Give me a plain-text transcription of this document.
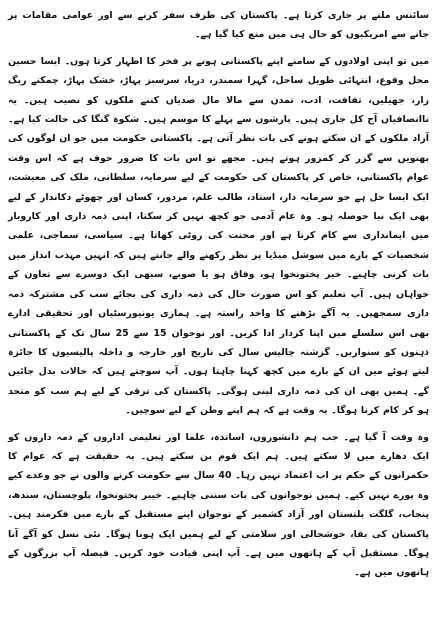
سائنس ملنے پر جاری کرتا ہے۔ پاکستان کی طرف سفر کرنے سے اور عوامی مقامات پر جانے سے امریکیوں کو حال ہی میں منع کیا گیا ہے۔

میں تو اپنی اولادوں کے سامنے اپنے پاکستانی ہونے پر فخر کا اظہار کرتا ہوں۔ ایسا حسین محل وقوع، انتہائی طویل ساحل، گہرا سمندر، دریا، سرسبز پہاڑ، خشک پہاڑ، چمکتے ریگ زار، جھیلیں، ثقافت، ادب، تمدن سے مالا مال صدیاں کتنے ملکوں کو نصیب ہیں۔ یہ ناانصافیاں آج کل جاری ہیں۔ بارشوں سے پہلے کا موسم ہیں۔ شکوہ گنگا کی حالت کیا ہے۔ آزاد ملکوں کے ان سکتے ہونے کی بات نظر آتی ہے۔ پاکستانی حکومت میں جو ان لوگوں کی بھنویں سے گزر کر کمزور ہوتے ہیں۔ مجھے تو اس بات کا ضرور خوف ہے کہ اس وقت عوام پاکستانی، خاص کر پاکستان کی حکومت کے لیے سرمایہ، سلطانی، ملک کی معیشت، ایک ایسا حل ہے جو سرمایہ دار، استاد، طالب علم، مزدور، کسان اور چھوٹے دکاندار کے لیے بھی ایک نیا حوصلہ ہو۔ وہ عام آدمی جو کچھ نہیں کر سکتا، اپنی ذمہ داری اور کاروبار میں ایمانداری سے کام کرتا ہے اور محنت کی روٹی کھاتا ہے۔ سیاسی، سماجی، علمی شخصیات کے بارے میں سوشل میڈیا پر نظر رکھنے والے جانتے ہیں کہ انہیں مہذب انداز میں بات کرنی چاہیے۔ خیر پختونخوا ہو، وفاق ہو یا صوبے، سبھی ایک دوسرے سے تعاون کے خواہاں ہیں۔ آپ تعلیم کو اس صورت حال کی ذمہ داری کی بجائے سب کی مشترکہ ذمہ داری سمجھیں۔ یہ آگے بڑھنے کا واحد راستہ ہے۔ ہماری یونیورسٹیاں اور تحقیقی ادارے بھی اس سلسلے میں اپنا کردار ادا کریں۔ اور نوجوان 15 سے 25 سال تک کے پاکستانی ذہنوں کو سنواریں۔ گزشتہ چالیس سال کی تاریخ اور خارجہ و داخلہ پالیسیوں کا جائزہ لیتے ہوئے میں ان کے بارے میں کچھ کہنا چاہتا ہوں۔ آپ سوچتے ہیں کہ حالات بدل جائیں گے۔ ہمیں بھی ان کی ذمہ داری لینی ہوگی۔ پاکستان کی ترقی کے لیے ہم سب کو متحد ہو کر کام کرنا ہوگا۔ یہ وقت ہے کہ ہم اپنے وطن کے لیے سوچیں۔

وہ وقت آ گیا ہے۔ جب ہم دانشوروں، اساتذہ، علما اور تعلیمی اداروں کے ذمہ داروں کو ایک دھارے میں لا سکتے ہیں۔ ہم ایک قوم بن سکتے ہیں۔ یہ حقیقت ہے کہ عوام کا حکمرانوں کے حکم پر اب اعتماد نہیں رہا۔ 40 سال سے حکومت کرنے والوں نے جو وعدے کیے وہ پورے نہیں کیے۔ ہمیں نوجوانوں کی بات سننی چاہیے۔ خیبر پختونخوا، بلوچستان، سندھ، پنجاب، گلگت بلتستان اور آزاد کشمیر کے نوجوان اپنے مستقبل کے بارے میں فکرمند ہیں۔ پاکستان کی بقا، خوشحالی اور سلامتی کے لیے ہمیں ایک ہونا ہوگا۔ نئی نسل کو آگے آنا ہوگا۔ مستقبل آپ کے ہاتھوں میں ہے۔ آپ اپنی قیادت خود کریں۔ فیصلہ آپ بزرگوں کے ہاتھوں میں ہے۔
